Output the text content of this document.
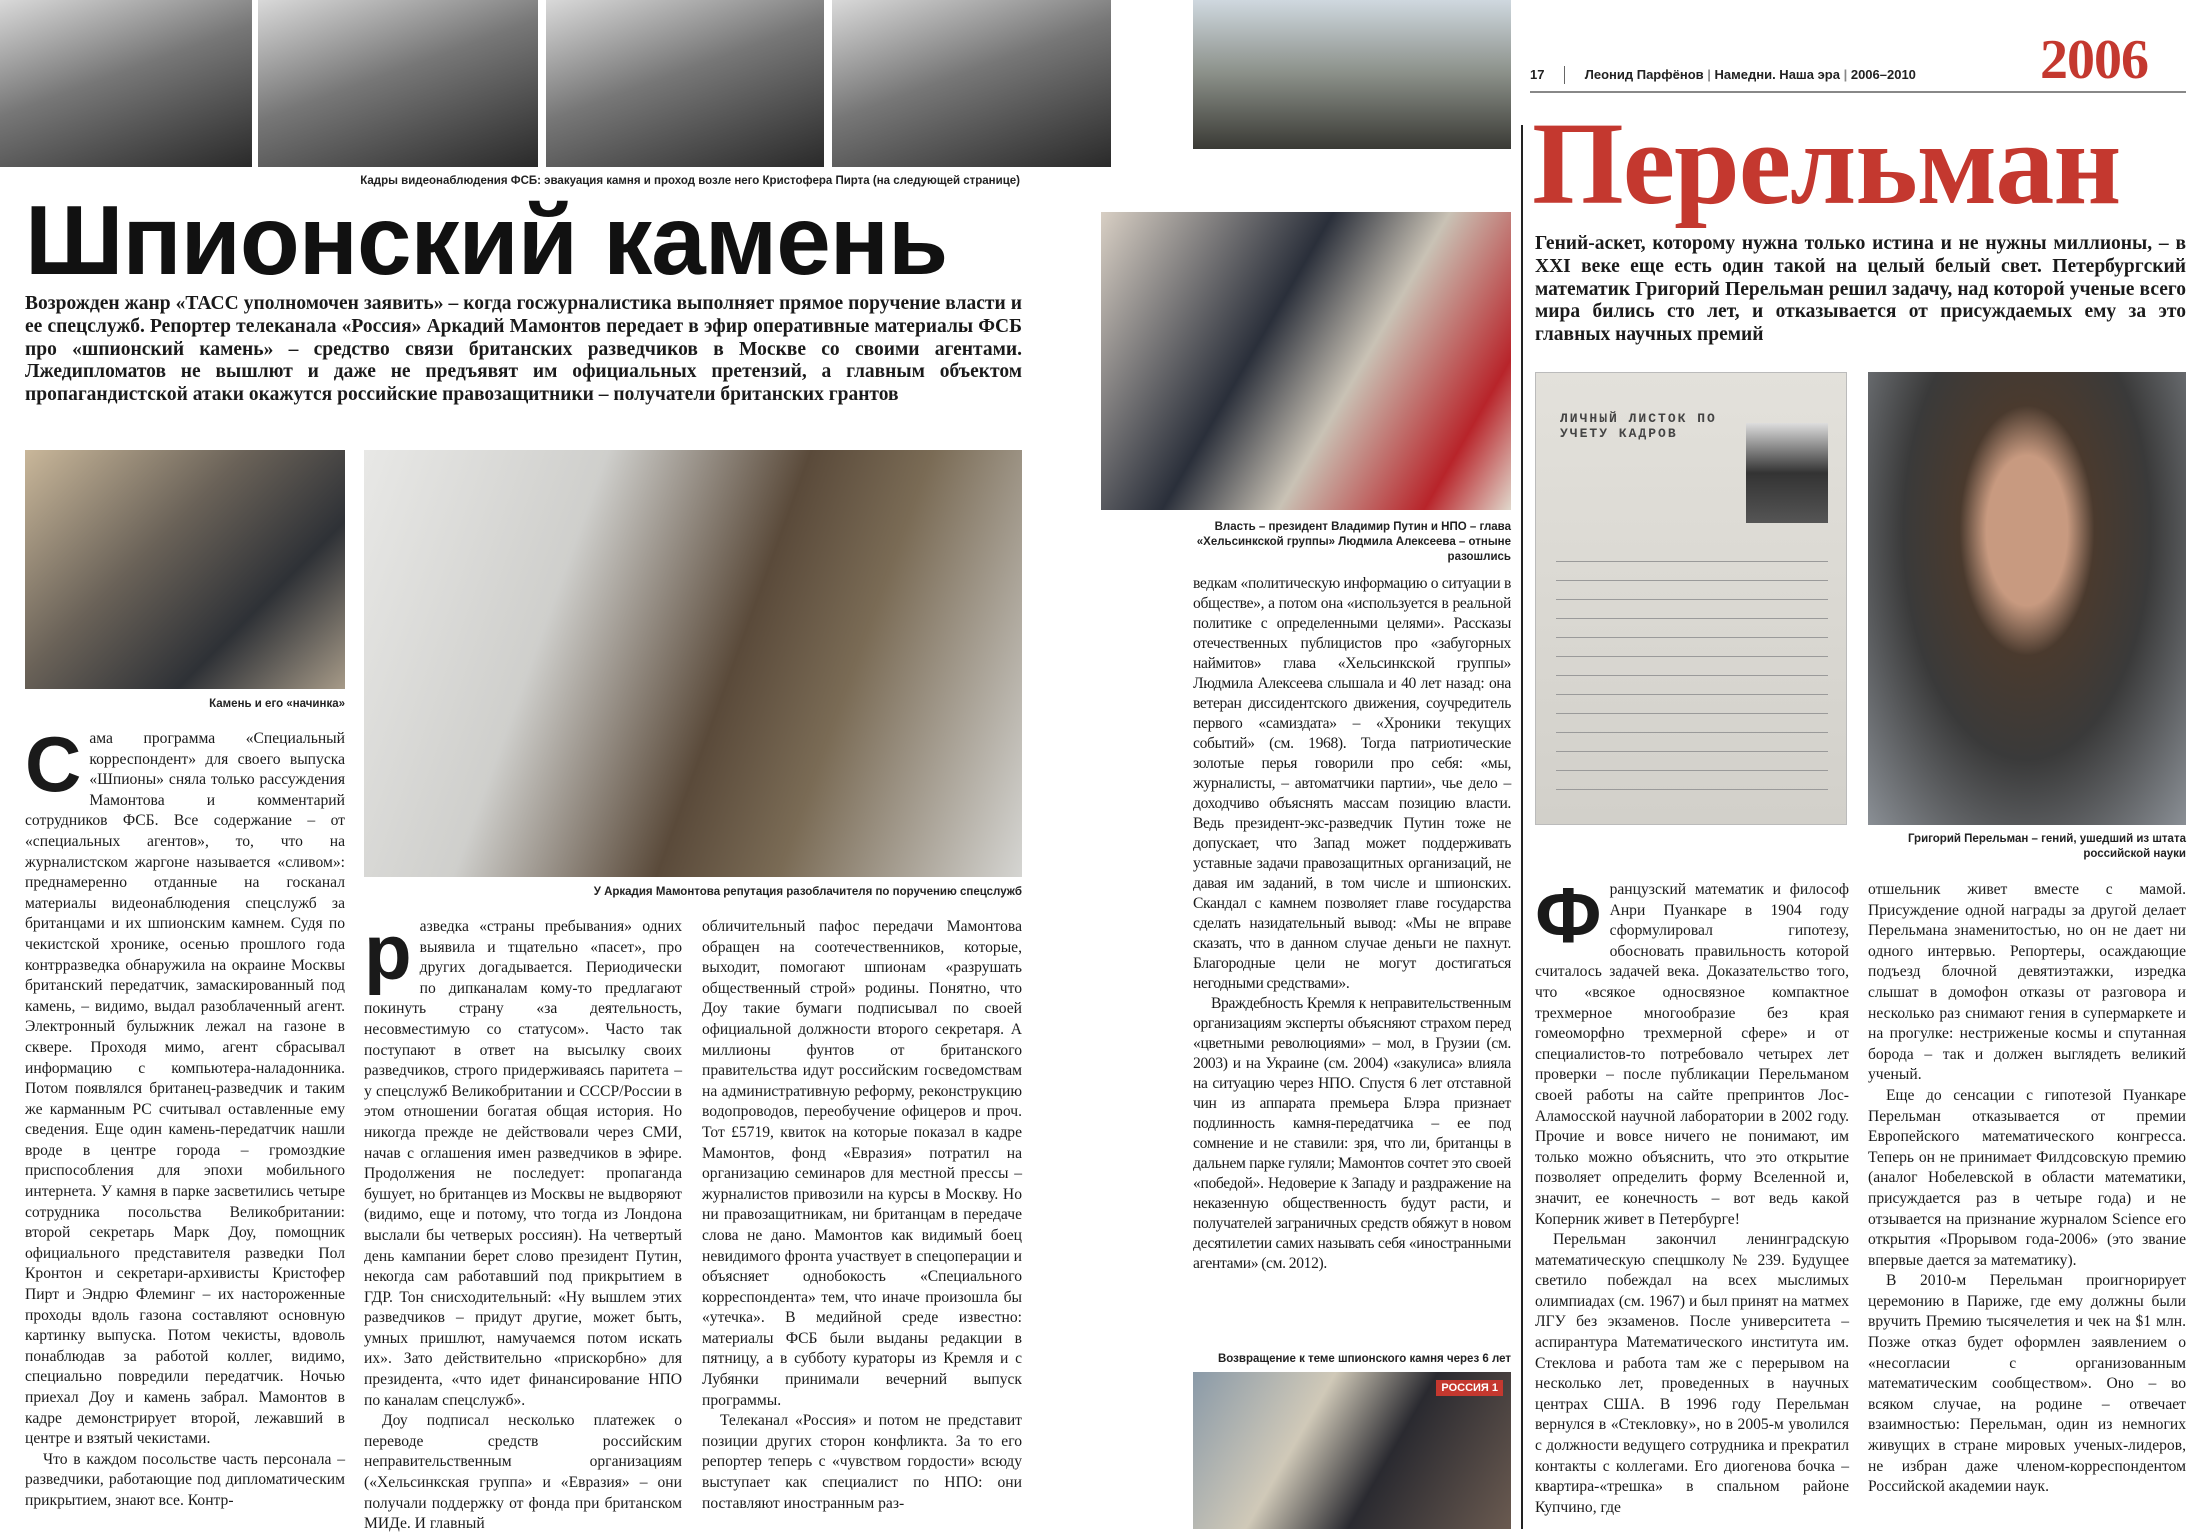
Кадры видеонаблюдения ФСБ: эвакуация камня и проход возле него Кристофера Пирта (на следующей странице)
Шпионский камень
Возрожден жанр «ТАСС уполномочен заявить» – когда госжурналистика выполняет прямое поручение власти и ее спецслужб. Репортер телеканала «Россия» Аркадий Мамонтов передает в эфир оперативные материалы ФСБ про «шпионский камень» – средство связи британских разведчиков в Москве со своими агентами. Лжедипломатов не вышлют и даже не предъявят им официальных претензий, а главным объектом пропагандистской атаки окажутся российские правозащитники – получатели британских грантов
Камень и его «начинка»
У Аркадия Мамонтова репутация разоблачителя по поручению спецслужб

Сама программа «Специальный корреспондент» для своего выпуска «Шпионы» сняла только рассуждения Мамонтова и комментарий сотрудников ФСБ. Все содержание – от «специальных агентов», то, что на журналистском жаргоне называется «сливом»: преднамеренно отданные на госканал материалы видеонаблюдения спецслужб за британцами и их шпионским камнем. Судя по чекистской хронике, осенью прошлого года контрразведка обнаружила на окраине Москвы британский передатчик, замаскированный под камень, – видимо, выдал разоблаченный агент. Электронный булыжник лежал на газоне в сквере. Проходя мимо, агент сбрасывал информацию с компьютера-наладонника. Потом появлялся британец-разведчик и таким же карманным PC считывал оставленные ему сведения. Еще один камень-передатчик нашли вроде в центре города – громоздкие приспособления для эпохи мобильного интернета. У камня в парке засветились четыре сотрудника посольства Великобритании: второй секретарь Марк Доу, помощник официального представителя разведки Пол Кронтон и секретари-архивисты Кристофер Пирт и Эндрю Флеминг – их настороженные проходы вдоль газона составляют основную картинку выпуска. Потом чекисты, вдоволь понаблюдав за работой коллег, видимо, специально повредили передатчик. Ночью приехал Доу и камень забрал. Мамонтов в кадре демонстрирует второй, лежавший в центре и взятый чекистами.

Что в каждом посольстве часть персонала – разведчики, работающие под дипломатическим прикрытием, знают все. Контр-

разведка «страны пребывания» одних выявила и тщательно «пасет», про других догадывается. Периодически по дипканалам кому-то предлагают покинуть страну «за деятельность, несовместимую со статусом». Часто так поступают в ответ на высылку своих разведчиков, строго придерживаясь паритета – у спецслужб Великобритании и СССР/России в этом отношении богатая общая история. Но никогда прежде не действовали через СМИ, начав с оглашения имен разведчиков в эфире. Продолжения не последует: пропаганда бушует, но британцев из Москвы не выдворяют (видимо, еще и потому, что тогда из Лондона выслали бы четверых россиян). На четвертый день кампании берет слово президент Путин, некогда сам работавший под прикрытием в ГДР. Тон снисходительный: «Ну вышлем этих разведчиков – придут другие, может быть, умных пришлют, намучаемся потом искать их». Зато действительно «прискорбно» для президента, «что идет финансирование НПО по каналам спецслужб».

Доу подписал несколько платежек о переводе средств российским неправительственным организациям («Хельсинкская группа» и «Евразия» – они получали поддержку от фонда при британском МИДе. И главный

обличительный пафос передачи Мамонтова обращен на соотечественников, которые, выходит, помогают шпионам «разрушать общественный строй» родины. Понятно, что Доу такие бумаги подписывал по своей официальной должности второго секретаря. А миллионы фунтов от британского правительства идут российским госведомствам на административную реформу, реконструкцию водопроводов, переобучение офицеров и проч. Тот £5719, квиток на которые показал в кадре Мамонтов, фонд «Евразия» потратил на организацию семинаров для местной прессы – журналистов привозили на курсы в Москву. Но ни правозащитникам, ни британцам в передаче слова не дано. Мамонтов как видимый боец невидимого фронта участвует в спецоперации и объясняет однобокость «Специального корреспондента» тем, что иначе произошла бы «утечка». В медийной среде известно: материалы ФСБ были выданы редакции в пятницу, а в субботу кураторы из Кремля и с Лубянки принимали вечерний выпуск программы.

Телеканал «Россия» и потом не представит позиции других сторон конфликта. За то его репортер теперь с «чувством гордости» всюду выступает как специалист по НПО: они поставляют иностранным раз-

Власть – президент Владимир Путин и НПО – глава «Хельсинкской группы» Людмила Алексеева – отныне разошлись

ведкам «политическую информацию о ситуации в обществе», а потом она «используется в реальной политике с определенными целями». Рассказы отечественных публицистов про «забугорных наймитов» глава «Хельсинкской группы» Людмила Алексеева слышала и 40 лет назад: она ветеран диссидентского движения, соучредитель первого «самиздата» – «Хроники текущих событий» (см. 1968). Тогда патриотические золотые перья говорили про себя: «мы, журналисты, – автоматчики партии», чье дело – доходчиво объяснять массам позицию власти. Ведь президент-экс-разведчик Путин тоже не допускает, что Запад может поддерживать уставные задачи правозащитных организаций, не давая им заданий, в том числе и шпионских. Скандал с камнем позволяет главе государства сделать назидательный вывод: «Мы не вправе сказать, что в данном случае деньги не пахнут. Благородные цели не могут достигаться негодными средствами».

Враждебность Кремля к неправительственным организациям эксперты объясняют страхом перед «цветными революциями» – мол, в Грузии (см. 2003) и на Украине (см. 2004) «закулиса» влияла на ситуацию через НПО. Спустя 6 лет отставной чин из аппарата премьера Блэра признает подлинность камня-передатчика – ее под сомнение и не ставили: зря, что ли, британцы в дальнем парке гуляли; Мамонтов сочтет это своей «победой». Недоверие к Западу и раздражение на неказенную общественность будут расти, и получателей заграничных средств обяжут в новом десятилетии самих называть себя «иностранными агентами» (см. 2012).

Возвращение к теме шпионского камня через 6 лет
РОССИЯ 1
17	Леонид Парфёнов | Намедни. Наша эра | 2006–2010 2006
Перельман
Гений-аскет, которому нужна только истина и не нужны миллионы, – в XXI веке еще есть один такой на целый белый свет. Петербургский математик Григорий Перельман решил задачу, над которой ученые всего мира бились сто лет, и отказывается от присуждаемых ему за это главных научных премий
ЛИЧНЫЙ ЛИСТОК ПО УЧЕТУ КАДРОВ
Григорий Перельман – гений, ушедший из штата российской науки

Французский математик и философ Анри Пуанкаре в 1904 году сформулировал гипотезу, обосновать правильность которой считалось задачей века. Доказательство того, что «всякое односвязное компактное трехмерное многообразие без края гомеоморфно трехмерной сфере» и от специалистов-то потребовало четырех лет проверки – после публикации Перельманом своей работы на сайте препринтов Лос-Аламосской научной лаборатории в 2002 году. Прочие и вовсе ничего не понимают, им только можно объяснить, что это открытие позволяет определить форму Вселенной и, значит, ее конечность – вот ведь какой Коперник живет в Петербурге!

Перельман закончил ленинградскую математическую спецшколу № 239. Будущее светило побеждал на всех мыслимых олимпиадах (см. 1967) и был принят на матмех ЛГУ без экзаменов. После университета – аспирантура Математического института им. Стеклова и работа там же с перерывом на несколько лет, проведенных в научных центрах США. В 1996 году Перельман вернулся в «Стекловку», но в 2005-м уволился с должности ведущего сотрудника и прекратил контакты с коллегами. Его диогенова бочка – квартира-«трешка» в спальном районе Купчино, где

отшельник живет вместе с мамой. Присуждение одной награды за другой делает Перельмана знаменитостью, но он не дает ни одного интервью. Репортеры, осаждающие подъезд блочной девятиэтажки, изредка слышат в домофон отказы от разговора и несколько раз снимают гения в супермаркете и на прогулке: нестриженые космы и спутанная борода – так и должен выглядеть великий ученый.

Еще до сенсации с гипотезой Пуанкаре Перельман отказывается от премии Европейского математического конгресса. Теперь он не принимает Филдсовскую премию (аналог Нобелевской в области математики, присуждается раз в четыре года) и не отзывается на признание журналом Science его открытия «Прорывом года-2006» (это звание впервые дается за математику).

В 2010-м Перельман проигнорирует церемонию в Париже, где ему должны были вручить Премию тысячелетия и чек на $1 млн. Позже отказ будет оформлен заявлением о «несогласии с организованным математическим сообществом». Оно – во всяком случае, на родине – отвечает взаимностью: Перельман, один из немногих живущих в стране мировых ученых-лидеров, не избран даже членом-корреспондентом Российской академии наук.
